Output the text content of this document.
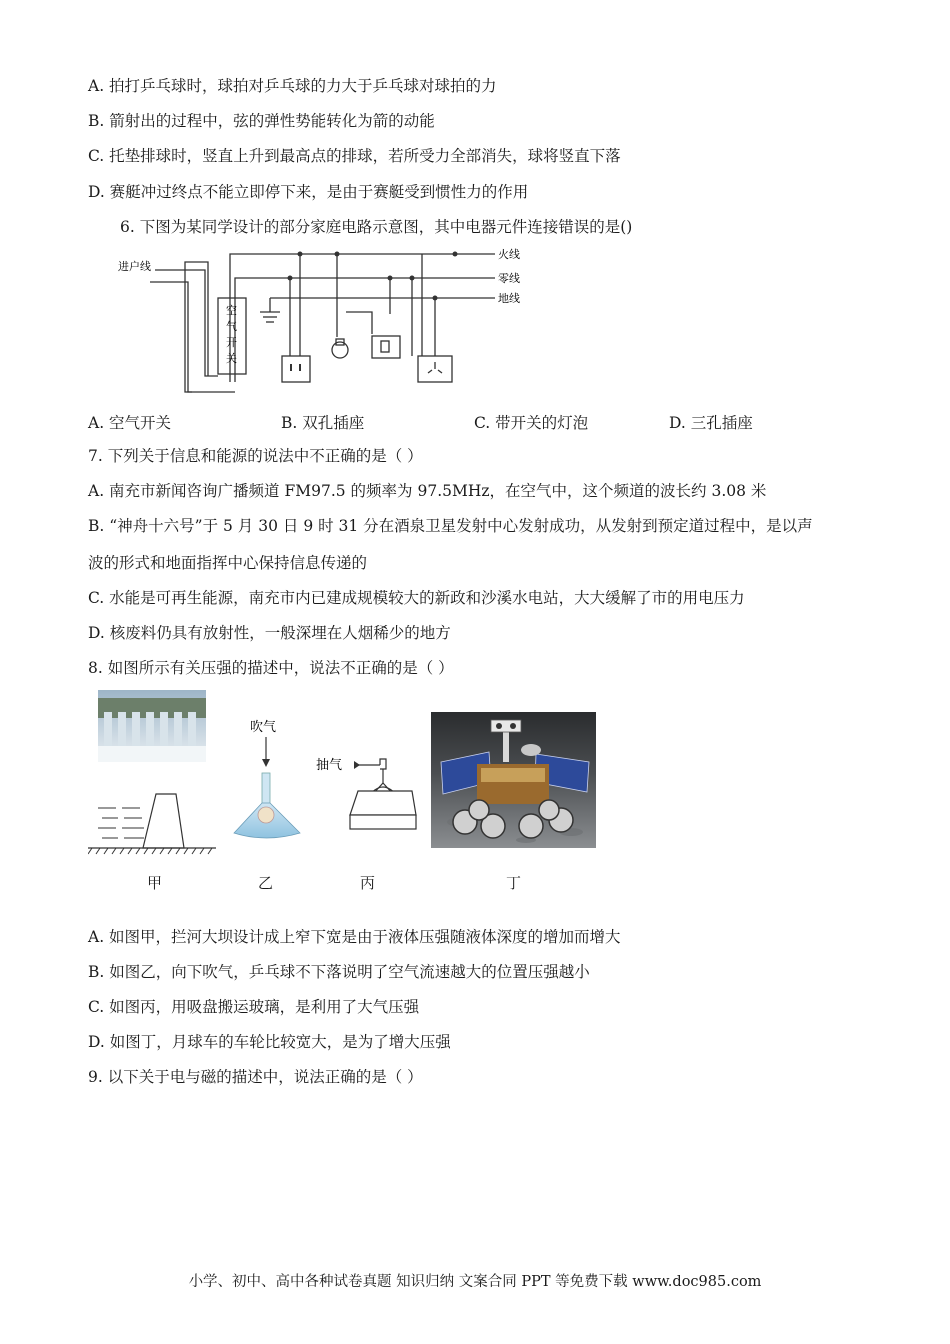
A. 拍打乒乓球时，球拍对乒乓球的力大于乒乓球对球拍的力
B. 箭射出的过程中，弦的弹性势能转化为箭的动能
C. 托垫排球时，竖直上升到最高点的排球，若所受力全部消失，球将竖直下落
D. 赛艇冲过终点不能立即停下来，是由于赛艇受到惯性力的作用
6. 下图为某同学设计的部分家庭电路示意图，其中电器元件连接错误的是()
火线
零线
地线
进户线
空
气
开
关
A. 空气开关	B. 双孔插座	C. 带开关的灯泡	D. 三孔插座
7. 下列关于信息和能源的说法中不正确的是（ ）
A. 南充市新闻咨询广播频道 FM97.5 的频率为 97.5MHz，在空气中，这个频道的波长约 3.08 米
B. “神舟十六号”于 5 月 30 日 9 时 31 分在酒泉卫星发射中心发射成功，从发射到预定道过程中，是以声
波的形式和地面指挥中心保持信息传递的
C. 水能是可再生能源，南充市内已建成规模较大的新政和沙溪水电站，大大缓解了市的用电压力
D. 核废料仍具有放射性，一般深埋在人烟稀少的地方
8. 如图所示有关压强的描述中，说法不正确的是（ ）
吹气
抽气
甲	乙	丙	丁
A. 如图甲，拦河大坝设计成上窄下宽是由于液体压强随液体深度的增加而增大
B. 如图乙，向下吹气，乒乓球不下落说明了空气流速越大的位置压强越小
C. 如图丙，用吸盘搬运玻璃，是利用了大气压强
D. 如图丁，月球车的车轮比较宽大，是为了增大压强
9. 以下关于电与磁的描述中，说法正确的是（ ）
小学、初中、高中各种试卷真题 知识归纳 文案合同 PPT 等免费下载 www.doc985.com
